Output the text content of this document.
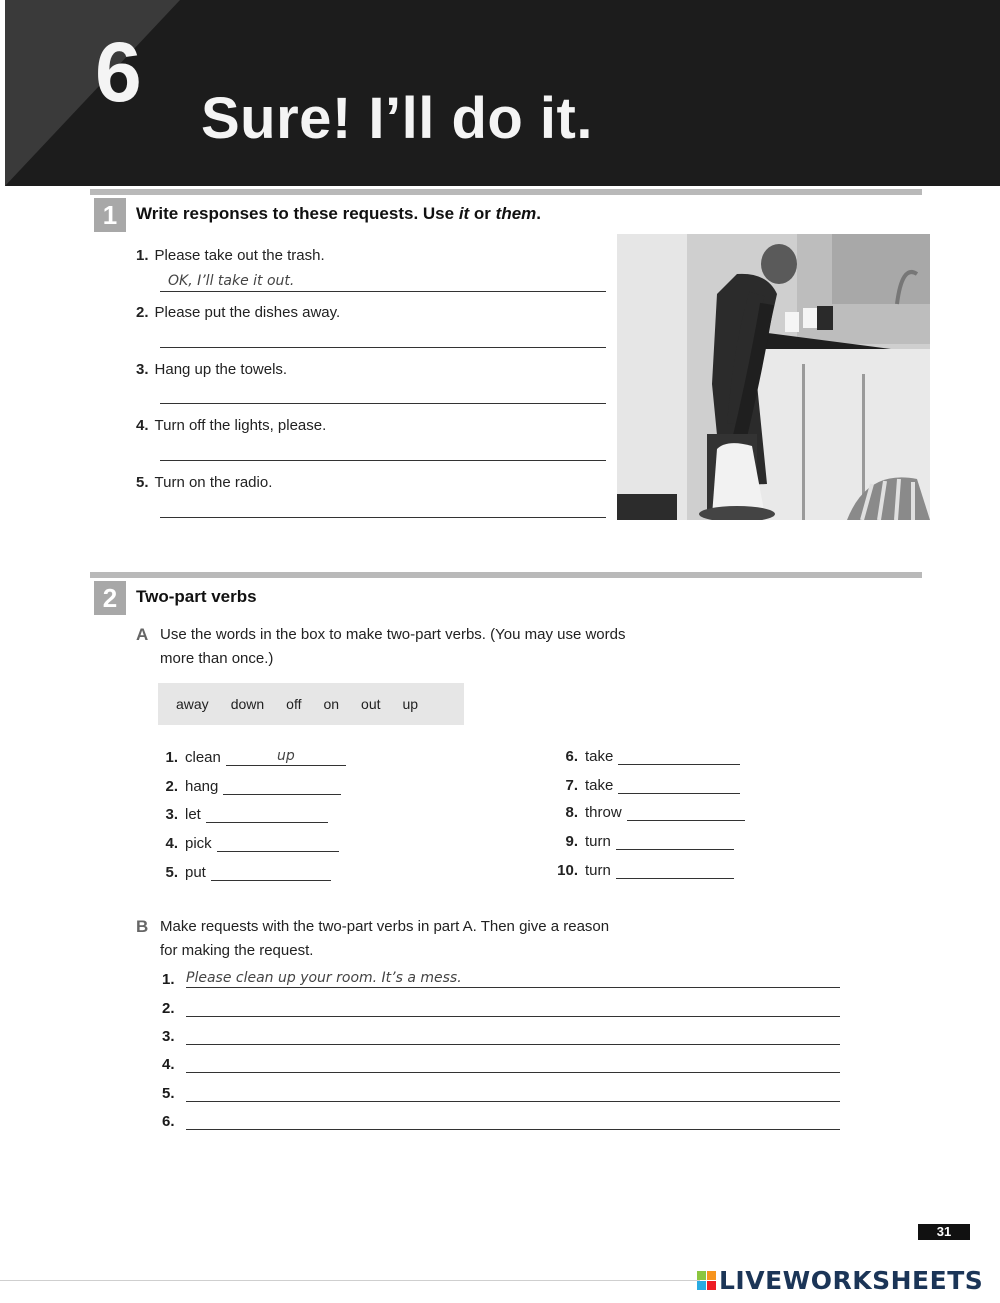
6 Sure! I’ll do it.
1	Write responses to these requests. Use it or them.
1. Please take out the trash.
OK, I’ll take it out.
2. Please put the dishes away.
3. Hang up the towels.
4. Turn off the lights, please.
5. Turn on the radio.
2	Two-part verbs
A Use the words in the box to make two-part verbs. (You may use words
more than once.)
away down off on out up
1. clean	up
2. hang
3. let
4. pick
5. put
6. take
7. take
8. throw
9. turn
10. turn
B Make requests with the two-part verbs in part A. Then give a reason
for making the request.
1. Please clean up your room. It’s a mess.
2.
3.
4.
5.
6.
31
LIVEWORKSHEETS
